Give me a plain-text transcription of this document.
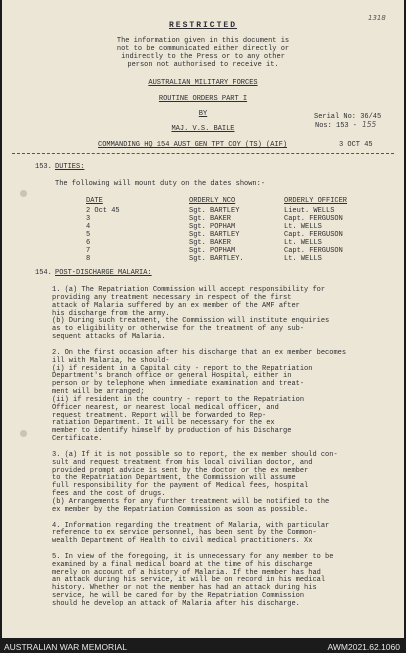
1318
RESTRICTED
The information given in this document is
not to be communicated either directly or
indirectly to the Press or to any other
person not authorised to receive it.
AUSTRALIAN MILITARY FORCES
ROUTINE ORDERS PART I
BY
MAJ. V.S. BAILE
Serial No: 36/45
Nos: 153 - 155
COMMANDING HQ 154 AUST GEN TPT COY (TS) (AIF)	3 OCT 45
153. DUTIES:
The following will mount duty on the dates shown:-
DATE	ORDERLY NCO	ORDERLY OFFICER
2 Oct 45	Sgt. BARTLEY	Lieut. WELLS
3	Sgt. BAKER	Capt. FERGUSON
4	Sgt. POPHAM	Lt. WELLS
5	Sgt. BARTLEY	Capt. FERGUSON
6	Sgt. BAKER	Lt. WELLS
7	Sgt. POPHAM	Capt. FERGUSON
8	Sgt. BARTLEY.	Lt. WELLS
154. POST-DISCHARGE MALARIA:
1. (a) The Repatriation Commission will accept responsibility for
providing any treatment necessary in respect of the first
attack of Malaria suffered by an ex member of the AMF after
his discharge from the army.
(b) During such treatment, the Commission will institute enquiries
as to eligibility or otherwise for the treatment of any sub-
sequent attacks of Malaria.
2. On the first occasion after his discharge that an ex member becomes
ill with Malaria, he should-
(i) if resident in a Capital city - report to the Repatriation
Department's branch office or general Hospital, either in
person or by telephone when immediate examination and treat-
ment will be arranged;
(ii) if resident in the country - report to the Repatriation
Officer nearest, or nearest local medical officer, and
request treatment. Report will be forwarded to Rep-
ratiation Department. It will be necessary for the ex
member to identify himself by production of his Discharge
Certificate.
3. (a) If it is not possible so to report, the ex member should con-
sult and request treatment from his local civilian doctor, and
provided prompt advice is sent by the doctor or the ex member
to the Repatriation Department, the Commission will assume
full responsibility for the payment of Medical fees, hospital
fees and the cost of drugs.
(b) Arrangements for any further treatment will be notified to the
ex member by the Repatriation Commission as soon as possible.
4. Information regarding the treatment of Malaria, with particular
reference to ex service personnel, has been sent by the Common-
wealth Department of Health to civil medical practitioners. Xx
5. In view of the foregoing, it is unnecessary for any member to be
examined by a final medical board at the time of his discharge
merely on account of a history of Malaria. If the member has had
an attack during his service, it will be on record in his medical
history. Whether or not the member has had an attack during his
service, he will be cared for by the Repatriation Commission
should he develop an attack of Malaria after his discharge.
AUSTRALIAN WAR MEMORIAL	AWM2021.62.1060
